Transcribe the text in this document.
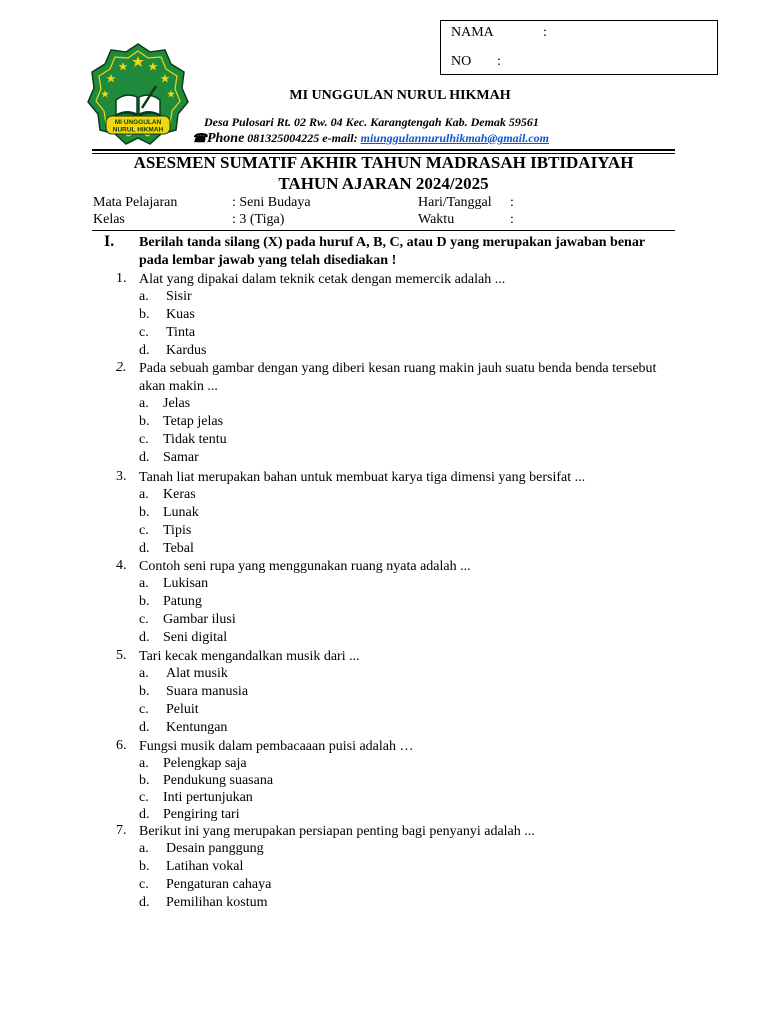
NAMA	:
NO :
MI UNGGULAN
NURUL HIKMAH
MI UNGGULAN NURUL HIKMAH
Desa Pulosari Rt. 02 Rw. 04 Kec. Karangtengah Kab. Demak 59561
☎Phone 081325004225 e-mail: miunggulannurulhikmah@gmail.com
ASESMEN SUMATIF AKHIR TAHUN MADRASAH IBTIDAIYAH
TAHUN AJARAN 2024/2025
Mata Pelajaran	: Seni Budaya	Hari/Tanggal :
Kelas	: 3 (Tiga)	Waktu	:
I. Berilah tanda silang (X) pada huruf A, B, C, atau D yang merupakan jawaban benar pada lembar jawab yang telah disediakan !
1. Alat yang dipakai dalam teknik cetak dengan memercik adalah ...
a. Sisir
b. Kuas
c. Tinta
d. Kardus
2. Pada sebuah gambar dengan yang diberi kesan ruang makin jauh suatu benda benda tersebut akan makin ...
a. Jelas
b. Tetap jelas
c. Tidak tentu
d. Samar
3. Tanah liat merupakan bahan untuk membuat karya tiga dimensi yang bersifat ...
a. Keras
b. Lunak
c. Tipis
d. Tebal
4. Contoh seni rupa yang menggunakan ruang nyata adalah ...
a. Lukisan
b. Patung
c. Gambar ilusi
d. Seni digital
5. Tari kecak mengandalkan musik dari ...
a. Alat musik
b. Suara manusia
c. Peluit
d. Kentungan
6. Fungsi musik dalam pembacaaan puisi adalah …
a. Pelengkap saja
b. Pendukung suasana
c. Inti pertunjukan
d. Pengiring tari
7. Berikut ini yang merupakan persiapan penting bagi penyanyi adalah ...
a. Desain panggung
b. Latihan vokal
c. Pengaturan cahaya
d. Pemilihan kostum
